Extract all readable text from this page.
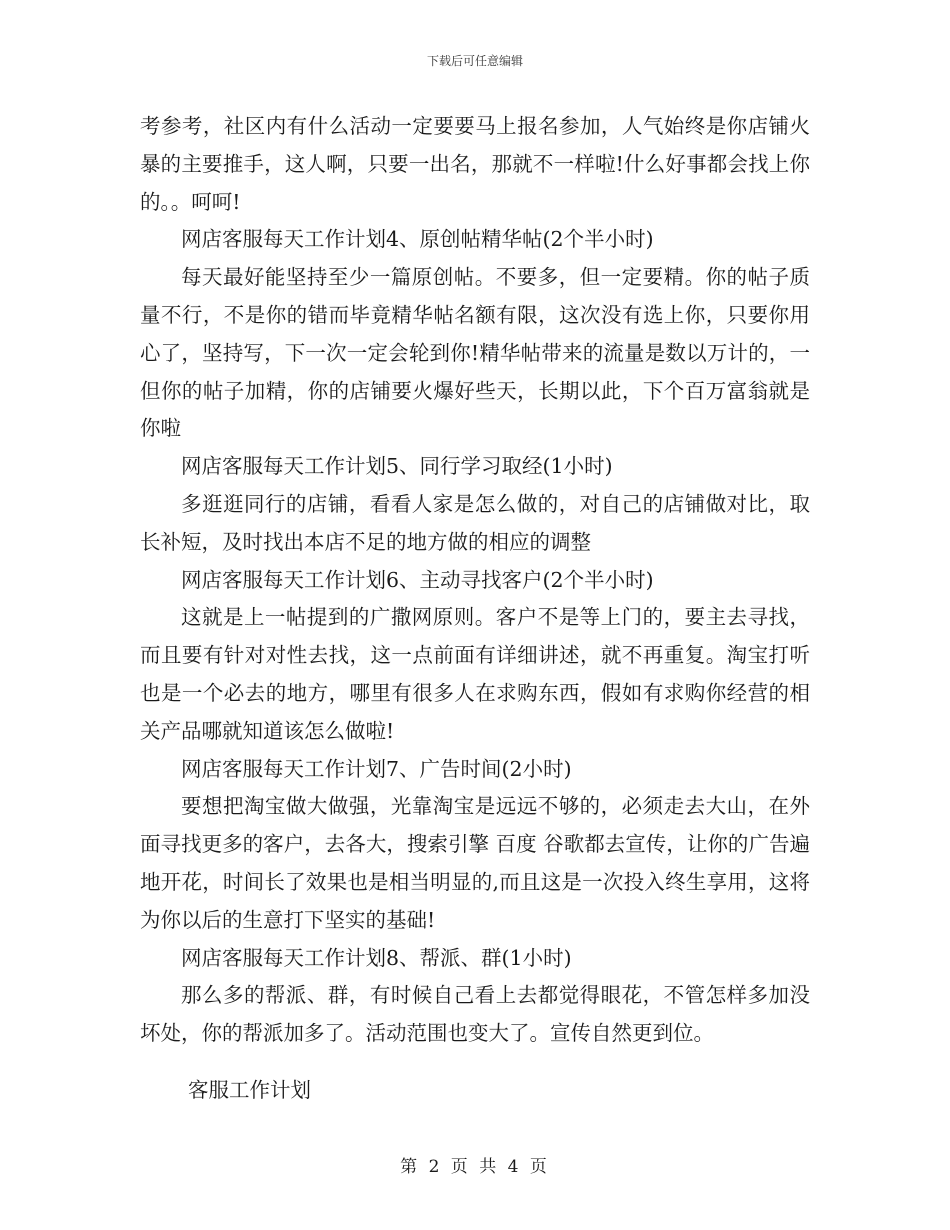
下载后可任意编辑

考参考，社区内有什么活动一定要要马上报名参加，人气始终是你店铺火暴的主要推手，这人啊，只要一出名，那就不一样啦!什么好事都会找上你的。。呵呵!

网店客服每天工作计划4、原创帖精华帖(2个半小时)

每天最好能坚持至少一篇原创帖。不要多，但一定要精。你的帖子质量不行，不是你的错而毕竟精华帖名额有限，这次没有选上你，只要你用心了，坚持写，下一次一定会轮到你!精华帖带来的流量是数以万计的，一但你的帖子加精，你的店铺要火爆好些天，长期以此，下个百万富翁就是你啦

网店客服每天工作计划5、同行学习取经(1小时)

多逛逛同行的店铺，看看人家是怎么做的，对自己的店铺做对比，取长补短，及时找出本店不足的地方做的相应的调整

网店客服每天工作计划6、主动寻找客户(2个半小时)

这就是上一帖提到的广撒网原则。客户不是等上门的，要主去寻找，而且要有针对对性去找，这一点前面有详细讲述，就不再重复。淘宝打听也是一个必去的地方，哪里有很多人在求购东西，假如有求购你经营的相关产品哪就知道该怎么做啦!

网店客服每天工作计划7、广告时间(2小时)

要想把淘宝做大做强，光靠淘宝是远远不够的，必须走去大山，在外面寻找更多的客户，去各大，搜索引擎 百度 谷歌都去宣传，让你的广告遍地开花，时间长了效果也是相当明显的,而且这是一次投入终生享用，这将为你以后的生意打下坚实的基础!

网店客服每天工作计划8、帮派、群(1小时)

那么多的帮派、群，有时候自己看上去都觉得眼花，不管怎样多加没坏处，你的帮派加多了。活动范围也变大了。宣传自然更到位。

客服工作计划

第 2 页 共 4 页
